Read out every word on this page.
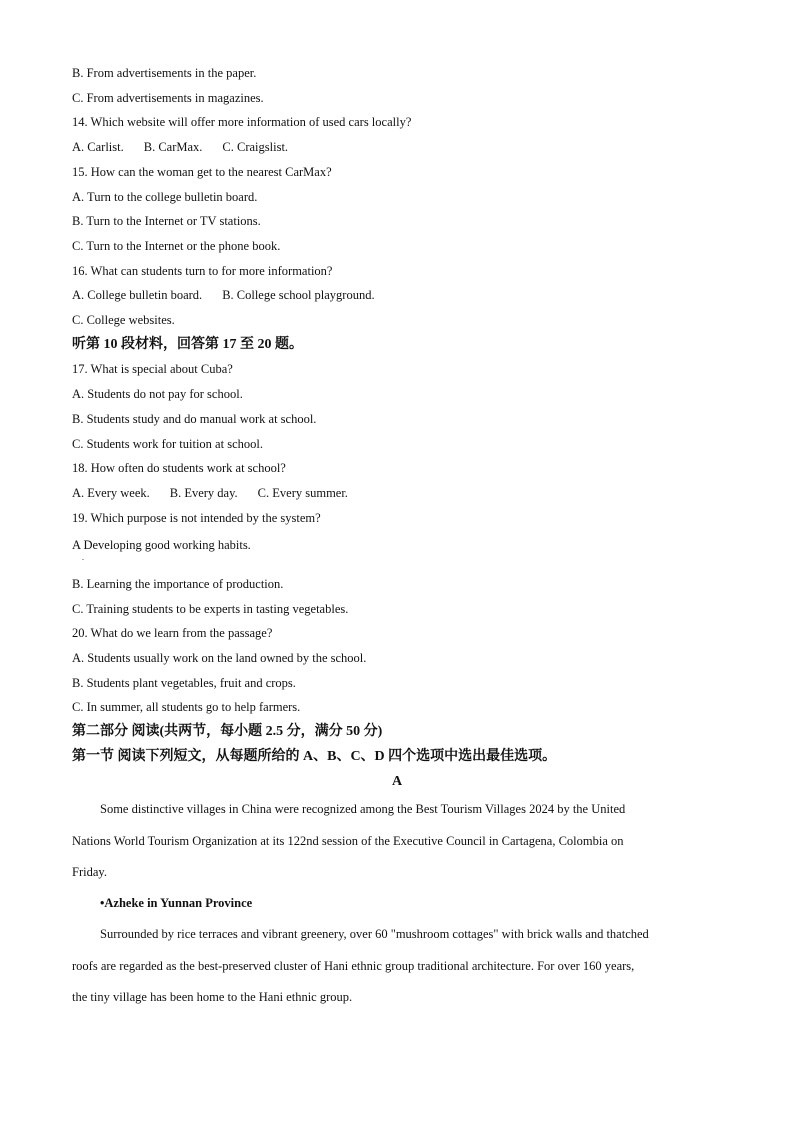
B. From advertisements in the paper.
C. From advertisements in magazines.
14. Which website will offer more information of used cars locally?
A. Carlist. B. CarMax. C. Craigslist.
15. How can the woman get to the nearest CarMax?
A. Turn to the college bulletin board.
B. Turn to the Internet or TV stations.
C. Turn to the Internet or the phone book.
16. What can students turn to for more information?
A. College bulletin board. B. College school playground.
C. College websites.
听第 10 段材料，回答第 17 至 20 题。
17. What is special about Cuba?
A. Students do not pay for school.
B. Students study and do manual work at school.
C. Students work for tuition at school.
18. How often do students work at school?
A. Every week. B. Every day. C. Every summer.
19. Which purpose is not intended by the system?
A Developing good working habits.
.
B. Learning the importance of production.
C. Training students to be experts in tasting vegetables.
20. What do we learn from the passage?
A. Students usually work on the land owned by the school.
B. Students plant vegetables, fruit and crops.
C. In summer, all students go to help farmers.
第二部分 阅读(共两节，每小题 2.5 分，满分 50 分)
第一节 阅读下列短文，从每题所给的 A、B、C、D 四个选项中选出最佳选项。
A
Some distinctive villages in China were recognized among the Best Tourism Villages 2024 by the United
Nations World Tourism Organization at its 122nd session of the Executive Council in Cartagena, Colombia on
Friday.
•Azheke in Yunnan Province
Surrounded by rice terraces and vibrant greenery, over 60 "mushroom cottages" with brick walls and thatched
roofs are regarded as the best-preserved cluster of Hani ethnic group traditional architecture. For over 160 years,
the tiny village has been home to the Hani ethnic group.
